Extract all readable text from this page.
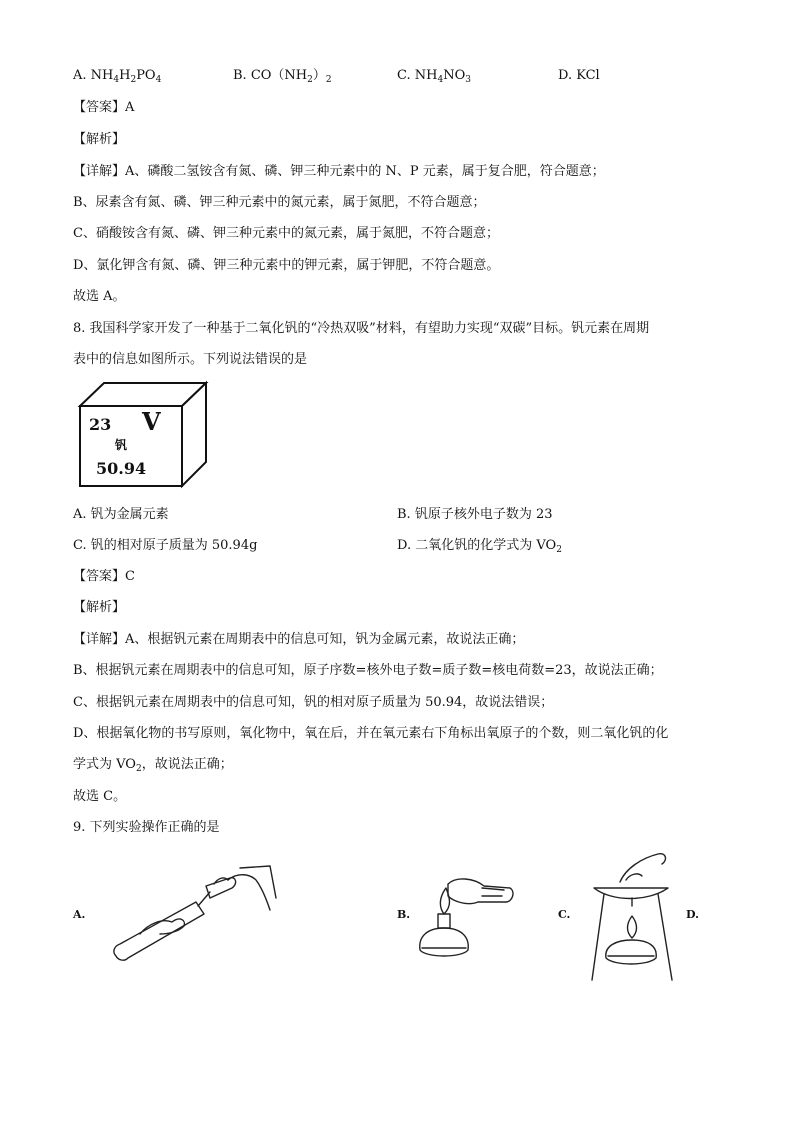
A. $NH_4H_2PO_4$	B. $CO(NH_2)_2$	C. $NH_4NO_3$	D. KCl
【答案】A
【解析】
【详解】A、磷酸二氢铵含有氮、磷、钾三种元素中的 N、P 元素，属于复合肥，符合题意；
B、尿素含有氮、磷、钾三种元素中的氮元素，属于氮肥，不符合题意；
C、硝酸铵含有氮、磷、钾三种元素中的氮元素，属于氮肥，不符合题意；
D、氯化钾含有氮、磷、钾三种元素中的钾元素，属于钾肥，不符合题意。
故选 A。
8. 我国科学家开发了一种基于二氧化钒的“冷热双吸”材料，有望助力实现“双碳”目标。钒元素在周期
表中的信息如图所示。下列说法错误的是
23 V
钒
50.94
A. 钒为金属元素	B. 钒原子核外电子数为 23
C. 钒的相对原子质量为 50.94g	D. 二氧化钒的化学式为 $VO_2$
【答案】C
【解析】
【详解】A、根据钒元素在周期表中的信息可知，钒为金属元素，故说法正确；
B、根据钒元素在周期表中的信息可知，原子序数=核外电子数=质子数=核电荷数=23，故说法正确；
C、根据钒元素在周期表中的信息可知，钒的相对原子质量为 50.94，故说法错误；
D、根据氧化物的书写原则，氧化物中，氧在后，并在氧元素右下角标出氧原子的个数，则二氧化钒的化
学式为 $VO_2$，故说法正确；
故选 C。
9. 下列实验操作正确的是
A.	B.	C.	D.
